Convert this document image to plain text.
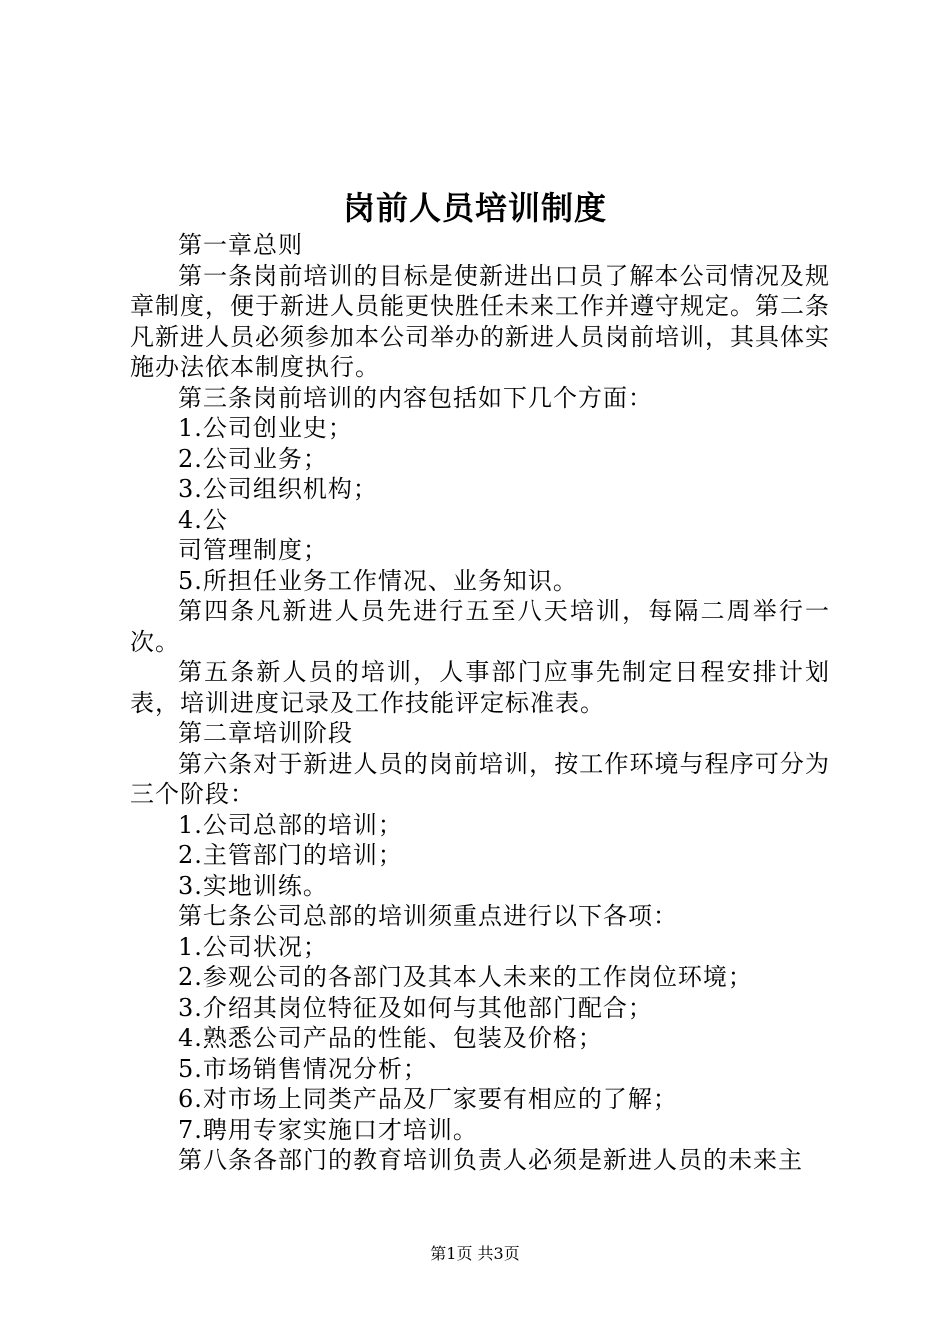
岗前人员培训制度

第一章总则

第一条岗前培训的目标是使新进出口员了解本公司情况及规章制度，便于新进人员能更快胜任未来工作并遵守规定。第二条凡新进人员必须参加本公司举办的新进人员岗前培训，其具体实施办法依本制度执行。

第三条岗前培训的内容包括如下几个方面：

1.公司创业史；

2.公司业务；

3.公司组织机构；

4.公

司管理制度；

5.所担任业务工作情况、业务知识。

第四条凡新进人员先进行五至八天培训，每隔二周举行一次。

第五条新人员的培训，人事部门应事先制定日程安排计划表，培训进度记录及工作技能评定标准表。

第二章培训阶段

第六条对于新进人员的岗前培训，按工作环境与程序可分为三个阶段：

1.公司总部的培训；

2.主管部门的培训；

3.实地训练。

第七条公司总部的培训须重点进行以下各项：

1.公司状况；

2.参观公司的各部门及其本人未来的工作岗位环境；

3.介绍其岗位特征及如何与其他部门配合；

4.熟悉公司产品的性能、包装及价格；

5.市场销售情况分析；

6.对市场上同类产品及厂家要有相应的了解；

7.聘用专家实施口才培训。

第八条各部门的教育培训负责人必须是新进人员的未来主

第1页 共3页
